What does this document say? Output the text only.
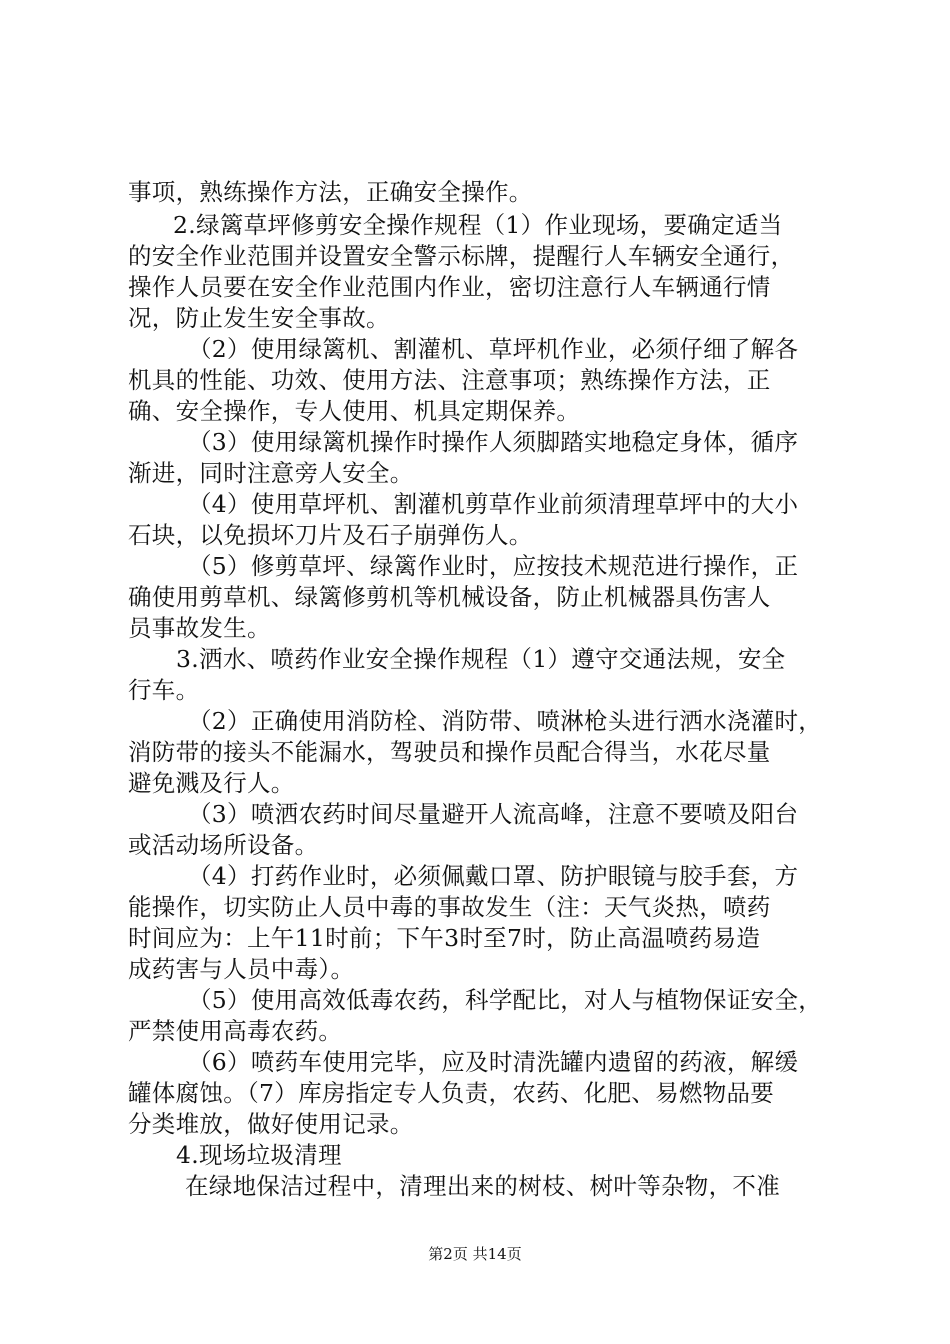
事项，熟练操作方法，正确安全操作。
2.绿篱草坪修剪安全操作规程（1）作业现场，要确定适当
的安全作业范围并设置安全警示标牌，提醒行人车辆安全通行，
操作人员要在安全作业范围内作业，密切注意行人车辆通行情
况，防止发生安全事故。
（2）使用绿篱机、割灌机、草坪机作业，必须仔细了解各
机具的性能、功效、使用方法、注意事项；熟练操作方法，正
确、安全操作，专人使用、机具定期保养。
（3）使用绿篱机操作时操作人须脚踏实地稳定身体，循序
渐进，同时注意旁人安全。
（4）使用草坪机、割灌机剪草作业前须清理草坪中的大小
石块，以免损坏刀片及石子崩弹伤人。
（5）修剪草坪、绿篱作业时，应按技术规范进行操作，正
确使用剪草机、绿篱修剪机等机械设备，防止机械器具伤害人
员事故发生。
3.洒水、喷药作业安全操作规程（1）遵守交通法规，安全
行车。
（2）正确使用消防栓、消防带、喷淋枪头进行洒水浇灌时，
消防带的接头不能漏水，驾驶员和操作员配合得当，水花尽量
避免溅及行人。
（3）喷洒农药时间尽量避开人流高峰，注意不要喷及阳台
或活动场所设备。
（4）打药作业时，必须佩戴口罩、防护眼镜与胶手套，方
能操作，切实防止人员中毒的事故发生（注：天气炎热，喷药
时间应为：上午11时前；下午3时至7时，防止高温喷药易造
成药害与人员中毒）。
（5）使用高效低毒农药，科学配比，对人与植物保证安全，
严禁使用高毒农药。
（6）喷药车使用完毕，应及时清洗罐内遗留的药液，解缓
罐体腐蚀。（7）库房指定专人负责，农药、化肥、易燃物品要
分类堆放，做好使用记录。
4.现场垃圾清理
在绿地保洁过程中，清理出来的树枝、树叶等杂物，不准
第2页 共14页
